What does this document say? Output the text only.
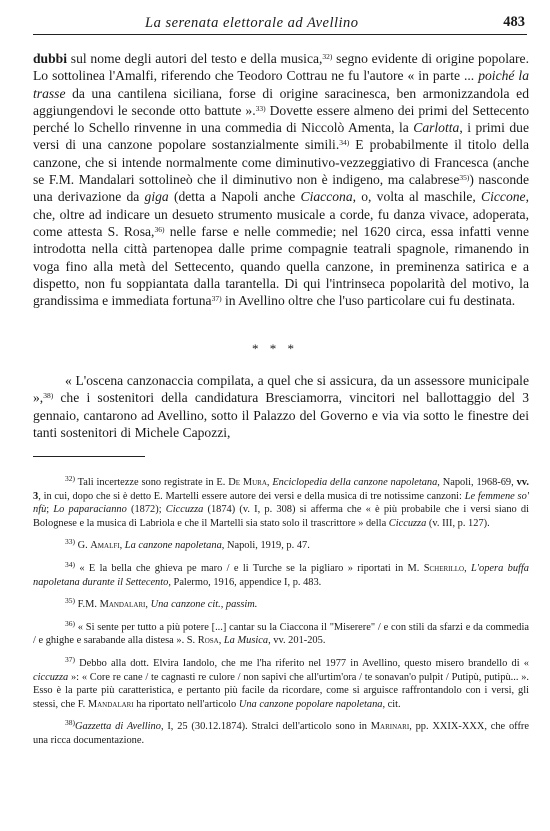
La serenata elettorale ad Avellino	483

dubbi sul nome degli autori del testo e della musica,$^{32)}$ segno evidente di origine popolare. Lo sottolinea l'Amalfi, riferendo che Teodoro Cottrau ne fu l'autore « in parte ... poiché la trasse da una cantilena siciliana, forse di origine saracinesca, ben armonizzandola ed aggiungendovi le seconde otto battute ».$^{33)}$ Dovette essere almeno dei primi del Settecento perché lo Schello rinvenne in una commedia di Niccolò Amenta, la Carlotta, i primi due versi di una canzone popolare sostanzialmente simili.$^{34)}$ E probabilmente il titolo della canzone, che si intende normalmente come diminutivo-vezzeggiativo di Francesca (anche se F.M. Mandalari sottolineò che il diminutivo non è indigeno, ma calabrese$^{35)}$) nasconde una derivazione da giga (detta a Napoli anche Ciaccona, o, volta al maschile, Ciccone, che, oltre ad indicare un desueto strumento musicale a corde, fu danza vivace, adoperata, come attesta S. Rosa,$^{36)}$ nelle farse e nelle commedie; nel 1620 circa, essa infatti venne introdotta nella città partenopea dalle prime compagnie teatrali spagnole, rimanendo in voga fino alla metà del Settecento, quando quella canzone, in preminenza satirica e a dispetto, non fu soppiantata dalla tarantella. Di qui l'intrinseca popolarità del motivo, la grandissima e immediata fortuna$^{37)}$ in Avellino oltre che l'uso particolare cui fu destinata.

* * *

« L'oscena canzonaccia compilata, a quel che si assicura, da un assessore municipale »,$^{38)}$ che i sostenitori della candidatura Bresciamorra, vincitori nel ballottaggio del 3 gennaio, cantarono ad Avellino, sotto il Palazzo del Governo e via via sotto le finestre dei tanti sostenitori di Michele Capozzi,

$^{32)}$ Tali incertezze sono registrate in E. De Mura, Enciclopedia della canzone napoletana, Napoli, 1968-69, vv. 3, in cui, dopo che si è detto E. Martelli essere autore dei versi e della musica di tre notissime canzoni: Le femmene so' nfù; Lo paparacianno (1872); Ciccuzza (1874) (v. I, p. 308) si afferma che « è più probabile che i versi siano di Bolognese e la musica di Labriola e che il Martelli sia stato solo il trascrittore » della Ciccuzza (v. III, p. 127).

$^{33)}$ G. Amalfi, La canzone napoletana, Napoli, 1919, p. 47.

$^{34)}$ « E la bella che ghieva pe maro / e li Turche se la pigliaro » riportati in M. Scherillo, L'opera buffa napoletana durante il Settecento, Palermo, 1916, appendice I, p. 483.

$^{35)}$ F.M. Mandalari, Una canzone cit., passim.

$^{36)}$ « Si sente per tutto a più potere [...] cantar su la Ciaccona il "Miserere" / e con stili da sfarzi e da commedia / e ghighe e sarabande alla distesa ». S. Rosa, La Musica, vv. 201-205.

$^{37)}$ Debbo alla dott. Elvira Iandolo, che me l'ha riferito nel 1977 in Avellino, questo misero brandello di « ciccuzza »: « Core re cane / te cagnasti re culore / non sapivi che all'urtim'ora / te sonavan'o pulpit / Putipù, putipù... ». Esso è la parte più caratteristica, e pertanto più facile da ricordare, come si arguisce raffrontandolo con i versi, gli stessi, che F. Mandalari ha riportato nell'articolo Una canzone popolare napoletana, cit.

$^{38)}$Gazzetta di Avellino, I, 25 (30.12.1874). Stralci dell'articolo sono in Marinari, pp. XXIX-XXX, che offre una ricca documentazione.
